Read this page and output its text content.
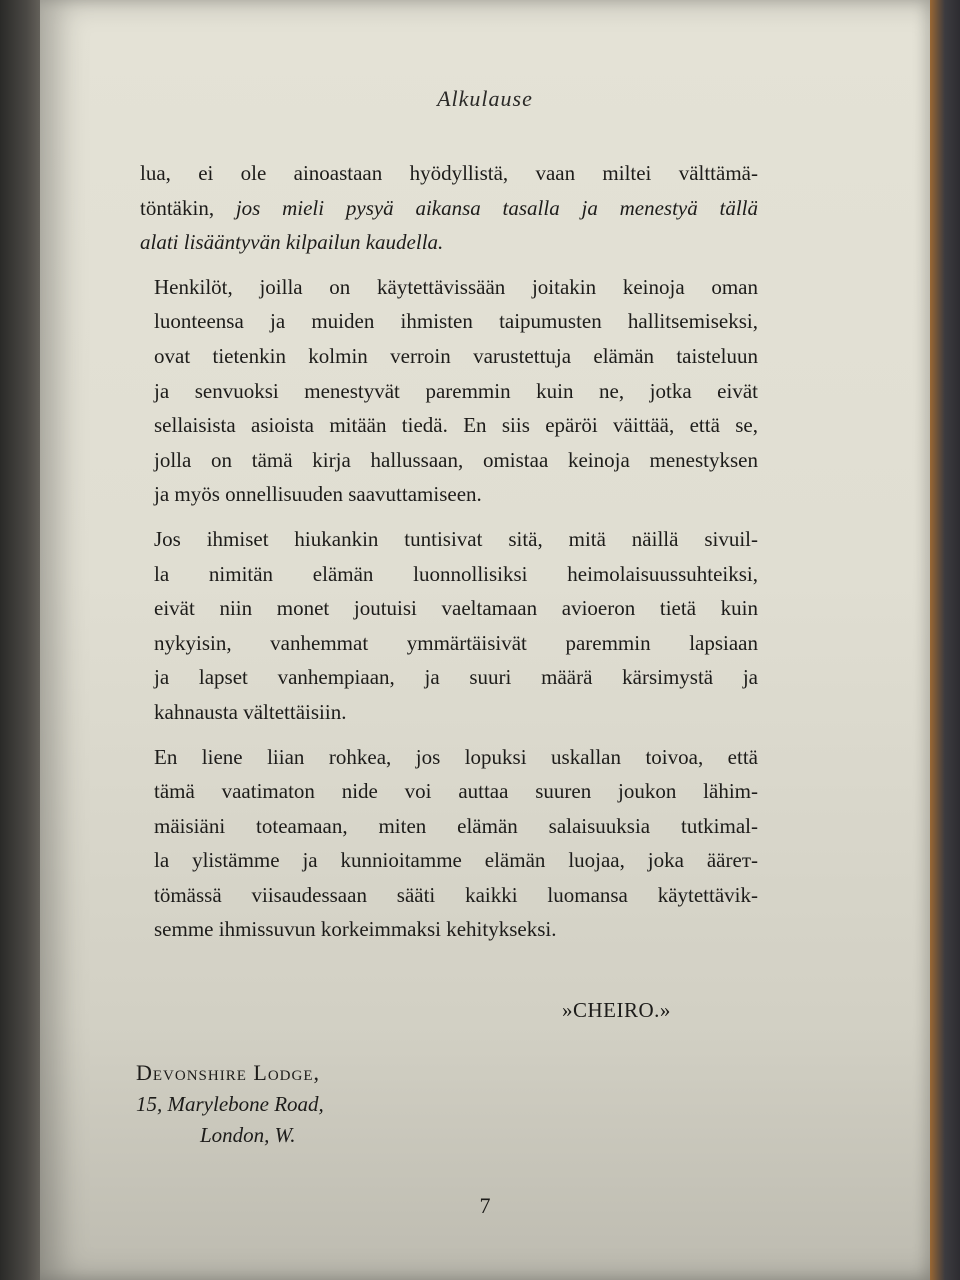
Alkulause
lua, ei ole ainoastaan hyödyllistä, vaan miltei välttämä-
töntäkin, jos mieli pysyä aikansa tasalla ja menestyä tällä
alati lisääntyvän kilpailun kaudella.
Henkilöt, joilla on käytettävissään joitakin keinoja oman
luonteensa ja muiden ihmisten taipumusten hallitsemiseksi,
ovat tietenkin kolmin verroin varustettuja elämän taisteluun
ja senvuoksi menestyvät paremmin kuin ne, jotka eivät
sellaisista asioista mitään tiedä. En siis epäröi väittää, että se,
jolla on tämä kirja hallussaan, omistaa keinoja menestyksen
ja myös onnellisuuden saavuttamiseen.
Jos ihmiset hiukankin tuntisivat sitä, mitä näillä sivuil-
la nimitän elämän luonnollisiksi heimolaisuussuhteiksi,
eivät niin monet joutuisi vaeltamaan avioeron tietä kuin
nykyisin, vanhemmat ymmärtäisivät paremmin lapsiaan
ja lapset vanhempiaan, ja suuri määrä kärsimystä ja
kahnausta vältettäisiin.
En liene liian rohkea, jos lopuksi uskallan toivoa, että
tämä vaatimaton nide voi auttaa suuren joukon lähim-
mäisiäni toteamaan, miten elämän salaisuuksia tutkimal-
la ylistämme ja kunnioitamme elämän luojaa, joka äärет-
tömässä viisaudessaan sääti kaikki luomansa käytettävik-
semme ihmissuvun korkeimmaksi kehitykseksi.
»CHEIRO.»
Devonshire Lodge,
15, Marylebone Road,
London, W.
7
